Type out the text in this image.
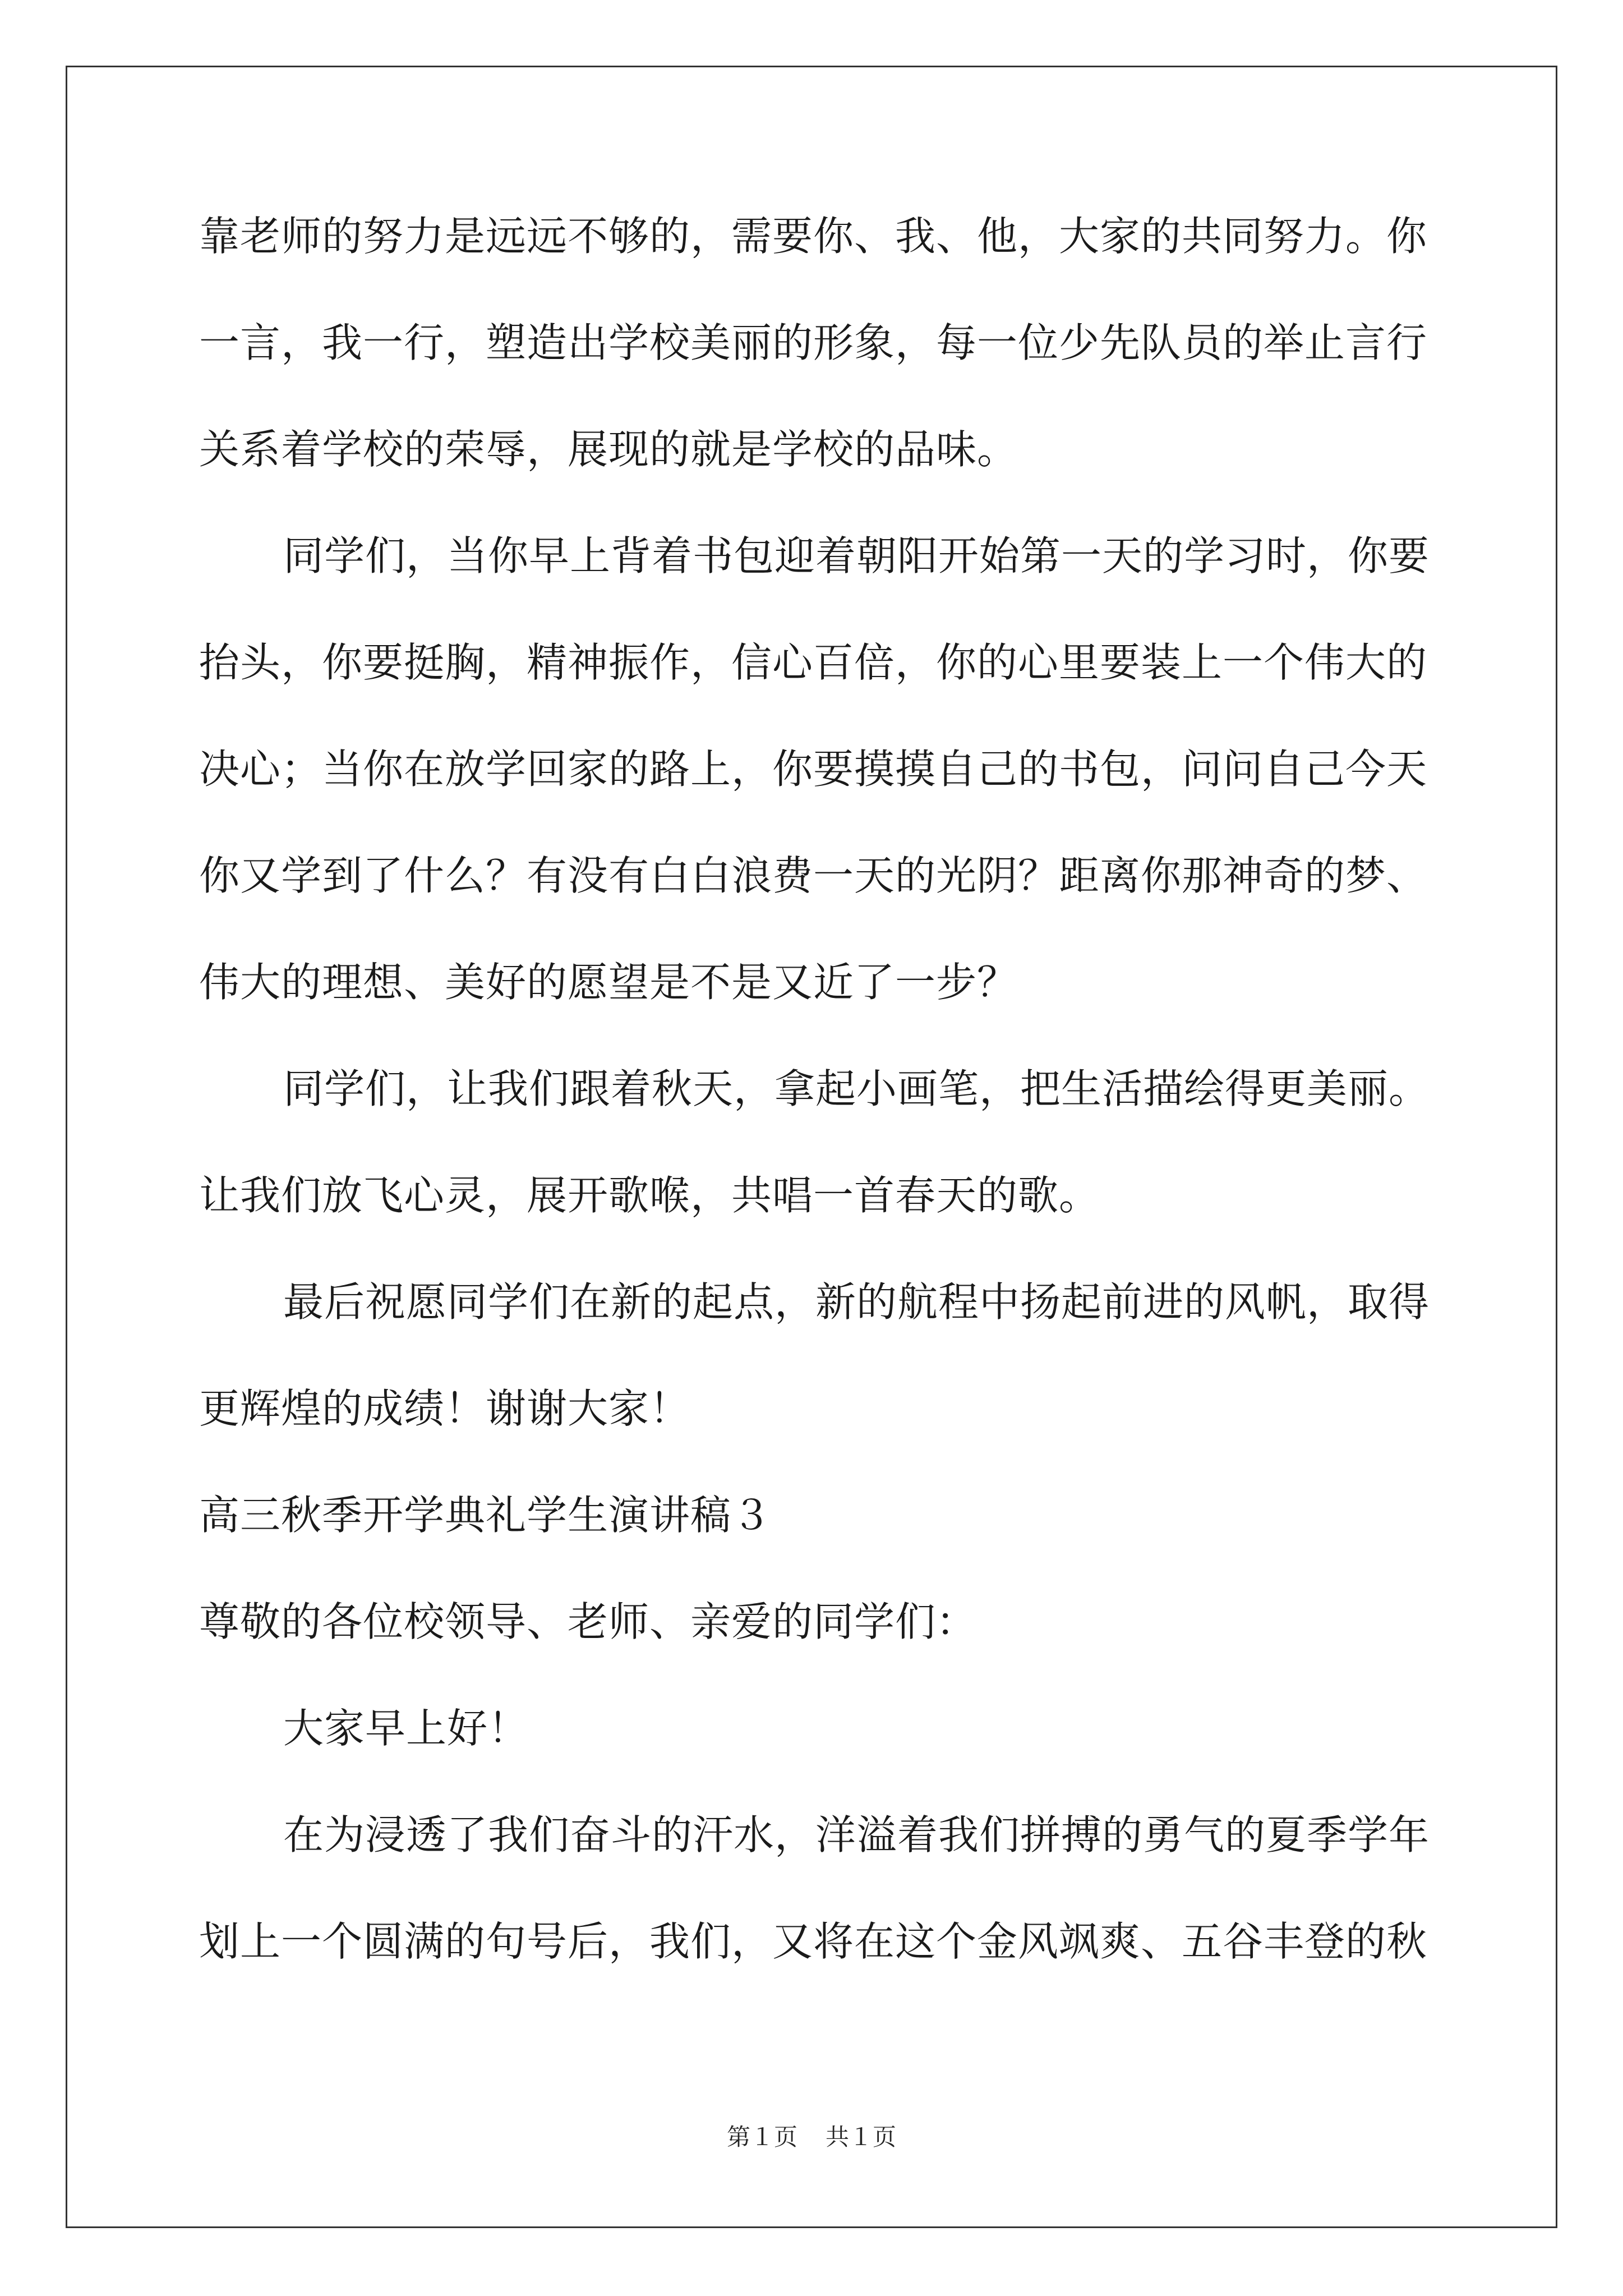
靠老师的努力是远远不够的，需要你、我、他，大家的共同努力。你
一言，我一行，塑造出学校美丽的形象，每一位少先队员的举止言行
关系着学校的荣辱，展现的就是学校的品味。
同学们，当你早上背着书包迎着朝阳开始第一天的学习时，你要
抬头，你要挺胸，精神振作，信心百倍，你的心里要装上一个伟大的
决心；当你在放学回家的路上，你要摸摸自己的书包，问问自己今天
你又学到了什么？有没有白白浪费一天的光阴？距离你那神奇的梦、
伟大的理想、美好的愿望是不是又近了一步？
同学们，让我们跟着秋天，拿起小画笔，把生活描绘得更美丽。
让我们放飞心灵，展开歌喉，共唱一首春天的歌。
最后祝愿同学们在新的起点，新的航程中扬起前进的风帆，取得
更辉煌的成绩！谢谢大家！
高三秋季开学典礼学生演讲稿３
尊敬的各位校领导、老师、亲爱的同学们：
大家早上好！
在为浸透了我们奋斗的汗水，洋溢着我们拼搏的勇气的夏季学年
划上一个圆满的句号后，我们，又将在这个金风飒爽、五谷丰登的秋
第１页 共１页
